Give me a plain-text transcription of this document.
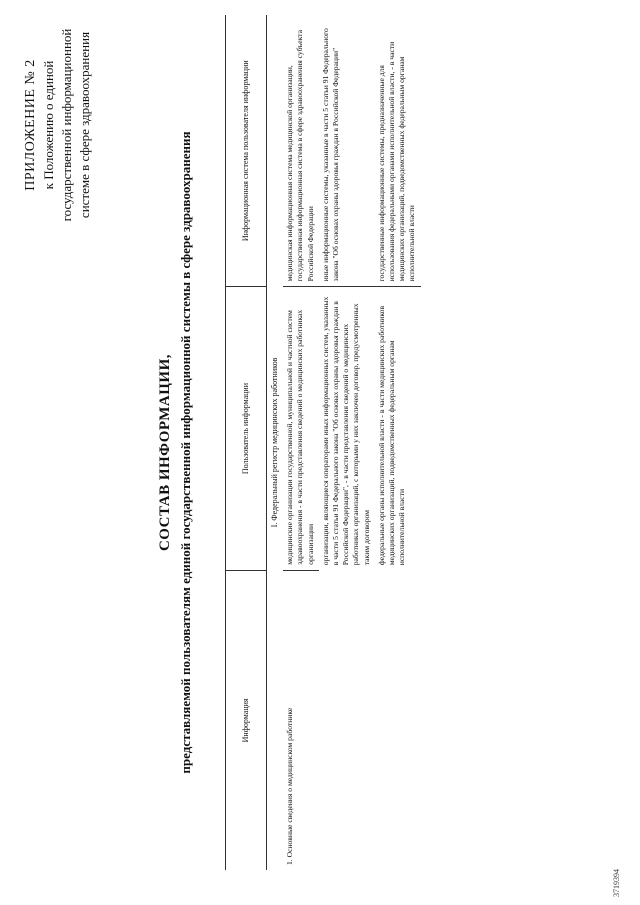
3719394
ПРИЛОЖЕНИЕ № 2 к Положению о единой государственной информационной системе в сфере здравоохранения
СОСТАВ ИНФОРМАЦИИ, представляемой пользователям единой государственной информационной системы в сфере здравоохранения	Информация	Пользователь информации	Информационная система пользователя информации
I. Федеральный регистр медицинских работников		

1. Основные сведения о медицинском работнике	медицинские организации государственной, муниципальной и частной систем здравоохранения - в части представления сведений о медицинских работниках организации	медицинская информационная система медицинской организации, государственная информационная система в сфере здравоохранения субъекта Российской Федерации

	организации, являющиеся операторами иных информационных систем, указанных в части 5 статьи 91 Федерального закона "Об основах охраны здоровья граждан в Российской Федерации", - в части представления сведений о медицинских работниках организаций, с которыми у них заключен договор, предусмотренных таким договором	иные информационные системы, указанные в части 5 статьи 91 Федерального закона "Об основах охраны здоровья граждан в Российской Федерации"

	федеральные органы исполнительной власти - в части медицинских работников медицинских организаций, подведомственных федеральным органам исполнительной власти	государственные информационные системы, предназначенные для использования федеральными органами исполнительной власти, - в части медицинских организаций, подведомственных федеральным органам исполнительной власти
